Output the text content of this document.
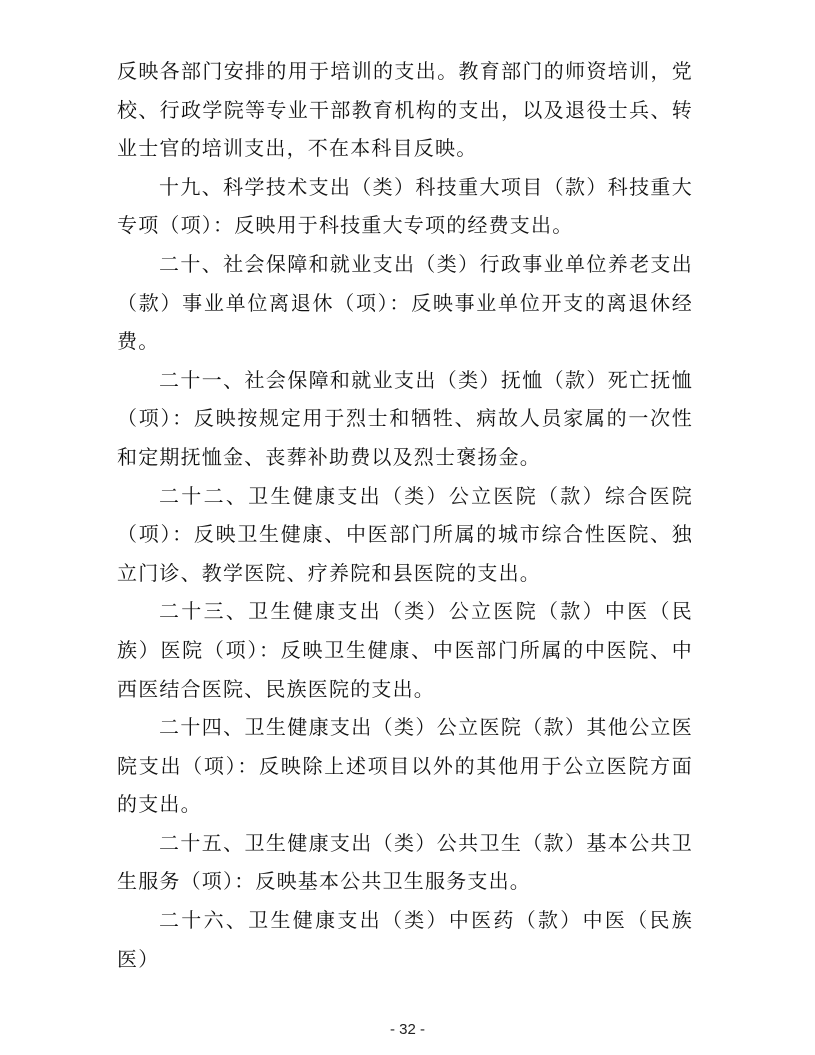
反映各部门安排的用于培训的支出。教育部门的师资培训，党校、行政学院等专业干部教育机构的支出，以及退役士兵、转业士官的培训支出，不在本科目反映。

十九、科学技术支出（类）科技重大项目（款）科技重大专项（项）：反映用于科技重大专项的经费支出。

二十、社会保障和就业支出（类）行政事业单位养老支出（款）事业单位离退休（项）：反映事业单位开支的离退休经费。

二十一、社会保障和就业支出（类）抚恤（款）死亡抚恤（项）：反映按规定用于烈士和牺牲、病故人员家属的一次性和定期抚恤金、丧葬补助费以及烈士褒扬金。

二十二、卫生健康支出（类）公立医院（款）综合医院（项）：反映卫生健康、中医部门所属的城市综合性医院、独立门诊、教学医院、疗养院和县医院的支出。

二十三、卫生健康支出（类）公立医院（款）中医（民族）医院（项）：反映卫生健康、中医部门所属的中医院、中西医结合医院、民族医院的支出。

二十四、卫生健康支出（类）公立医院（款）其他公立医院支出（项）：反映除上述项目以外的其他用于公立医院方面的支出。

二十五、卫生健康支出（类）公共卫生（款）基本公共卫生服务（项）：反映基本公共卫生服务支出。

二十六、卫生健康支出（类）中医药（款）中医（民族医）

- 32 -
